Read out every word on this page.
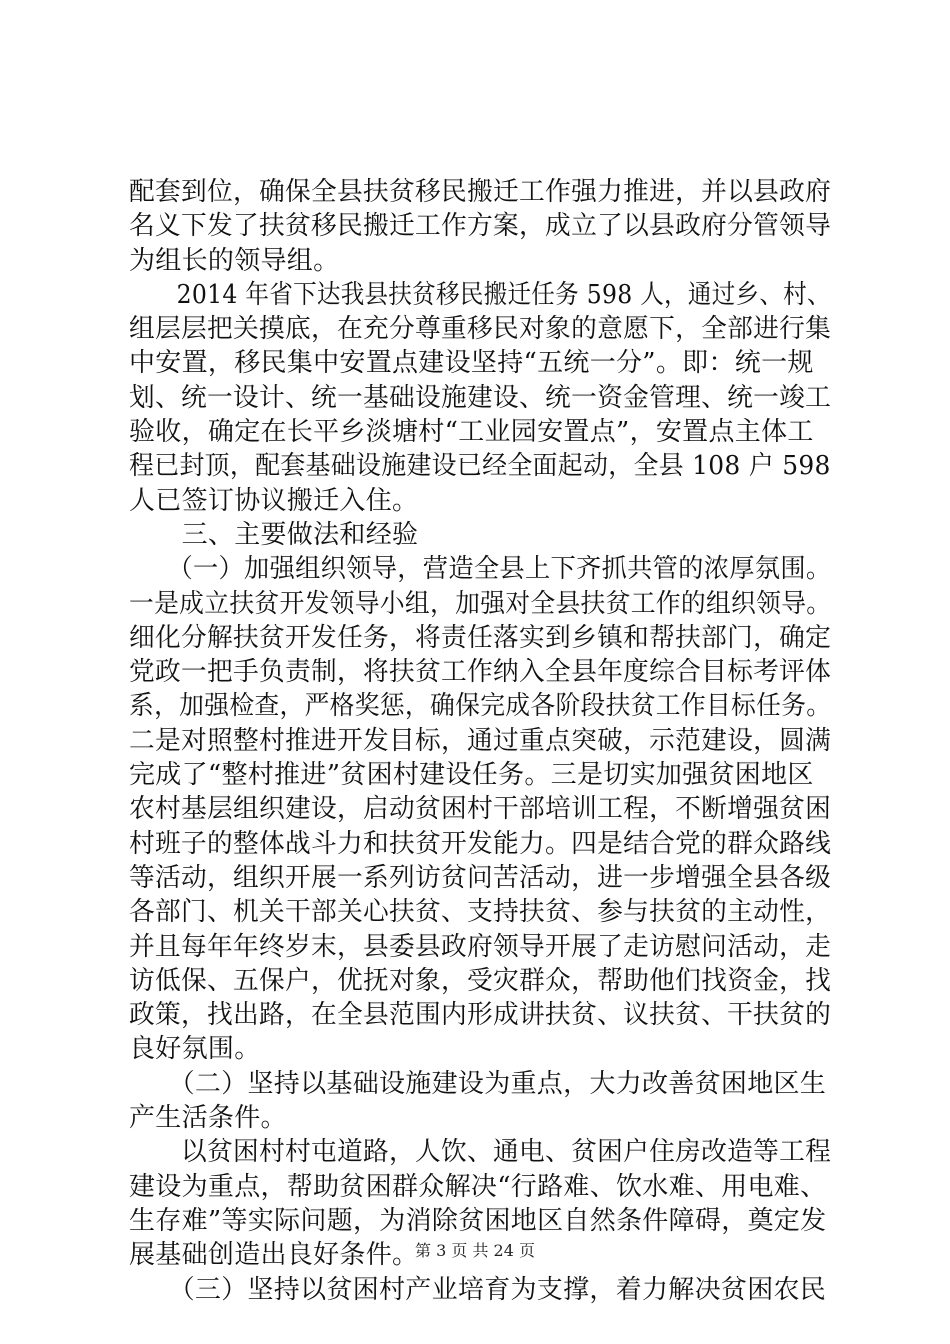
配套到位，确保全县扶贫移民搬迁工作强力推进，并以县政府
名义下发了扶贫移民搬迁工作方案，成立了以县政府分管领导
为组长的领导组。
　　2014 年省下达我县扶贫移民搬迁任务 598 人，通过乡、村、
组层层把关摸底，在充分尊重移民对象的意愿下，全部进行集
中安置，移民集中安置点建设坚持“五统一分”。即：统一规
划、统一设计、统一基础设施建设、统一资金管理、统一竣工
验收，确定在长平乡淡塘村“工业园安置点”，安置点主体工
程已封顶，配套基础设施建设已经全面起动，全县 108 户 598
人已签订协议搬迁入住。
　　三、主要做法和经验
　　（一）加强组织领导，营造全县上下齐抓共管的浓厚氛围。
一是成立扶贫开发领导小组，加强对全县扶贫工作的组织领导。
细化分解扶贫开发任务，将责任落实到乡镇和帮扶部门，确定
党政一把手负责制，将扶贫工作纳入全县年度综合目标考评体
系，加强检查，严格奖惩，确保完成各阶段扶贫工作目标任务。
二是对照整村推进开发目标，通过重点突破，示范建设，圆满
完成了“整村推进”贫困村建设任务。三是切实加强贫困地区
农村基层组织建设，启动贫困村干部培训工程，不断增强贫困
村班子的整体战斗力和扶贫开发能力。四是结合党的群众路线
等活动，组织开展一系列访贫问苦活动，进一步增强全县各级
各部门、机关干部关心扶贫、支持扶贫、参与扶贫的主动性，
并且每年年终岁末，县委县政府领导开展了走访慰问活动，走
访低保、五保户，优抚对象，受灾群众，帮助他们找资金，找
政策，找出路，在全县范围内形成讲扶贫、议扶贫、干扶贫的
良好氛围。
　　（二）坚持以基础设施建设为重点，大力改善贫困地区生
产生活条件。
　　以贫困村村屯道路，人饮、通电、贫困户住房改造等工程
建设为重点，帮助贫困群众解决“行路难、饮水难、用电难、
生存难”等实际问题，为消除贫困地区自然条件障碍，奠定发
展基础创造出良好条件。
　　（三）坚持以贫困村产业培育为支撑，着力解决贫困农民
第 3 页 共 24 页
